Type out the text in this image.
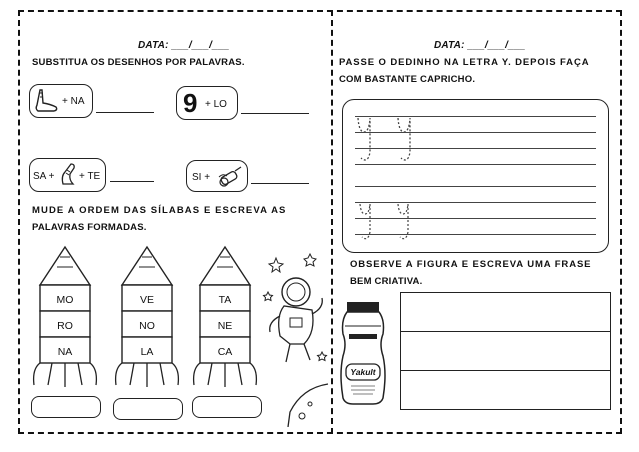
DATA: ___/___/___
SUBSTITUA OS DESENHOS POR PALAVRAS.
+ NA	9 + LO
SA + + TE	SI +
MUDE A ORDEM DAS SÍLABAS E ESCREVA AS
PALAVRAS FORMADAS.
MO
RO
NA
VE
NO
LA
TA
NE
CA
DATA: ___/___/___
PASSE O DEDINHO NA LETRA Y. DEPOIS FAÇA
COM BASTANTE CAPRICHO.
OBSERVE A FIGURA E ESCREVA UMA FRASE
BEM CRIATIVA.
Yakult
